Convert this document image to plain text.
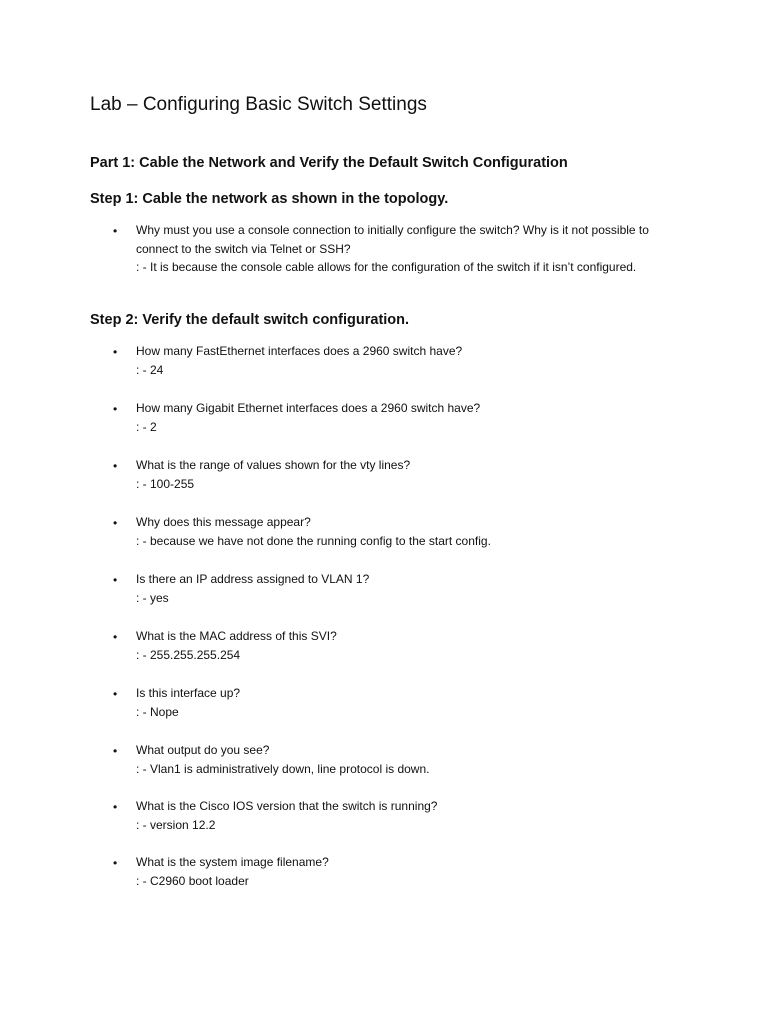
Lab – Configuring Basic Switch Settings
Part 1: Cable the Network and Verify the Default Switch Configuration
Step 1: Cable the network as shown in the topology.
• Why must you use a console connection to initially configure the switch? Why is it not possible to connect to the switch via Telnet or SSH?
: - It is because the console cable allows for the configuration of the switch if it isn’t configured.
Step 2: Verify the default switch configuration.
• How many FastEthernet interfaces does a 2960 switch have?
: - 24
• How many Gigabit Ethernet interfaces does a 2960 switch have?
: - 2
• What is the range of values shown for the vty lines?
: - 100-255
• Why does this message appear?
: - because we have not done the running config to the start config.
• Is there an IP address assigned to VLAN 1?
: - yes
• What is the MAC address of this SVI?
: - 255.255.255.254
• Is this interface up?
: - Nope
• What output do you see?
: - Vlan1 is administratively down, line protocol is down.
• What is the Cisco IOS version that the switch is running?
: - version 12.2
• What is the system image filename?
: - C2960 boot loader
